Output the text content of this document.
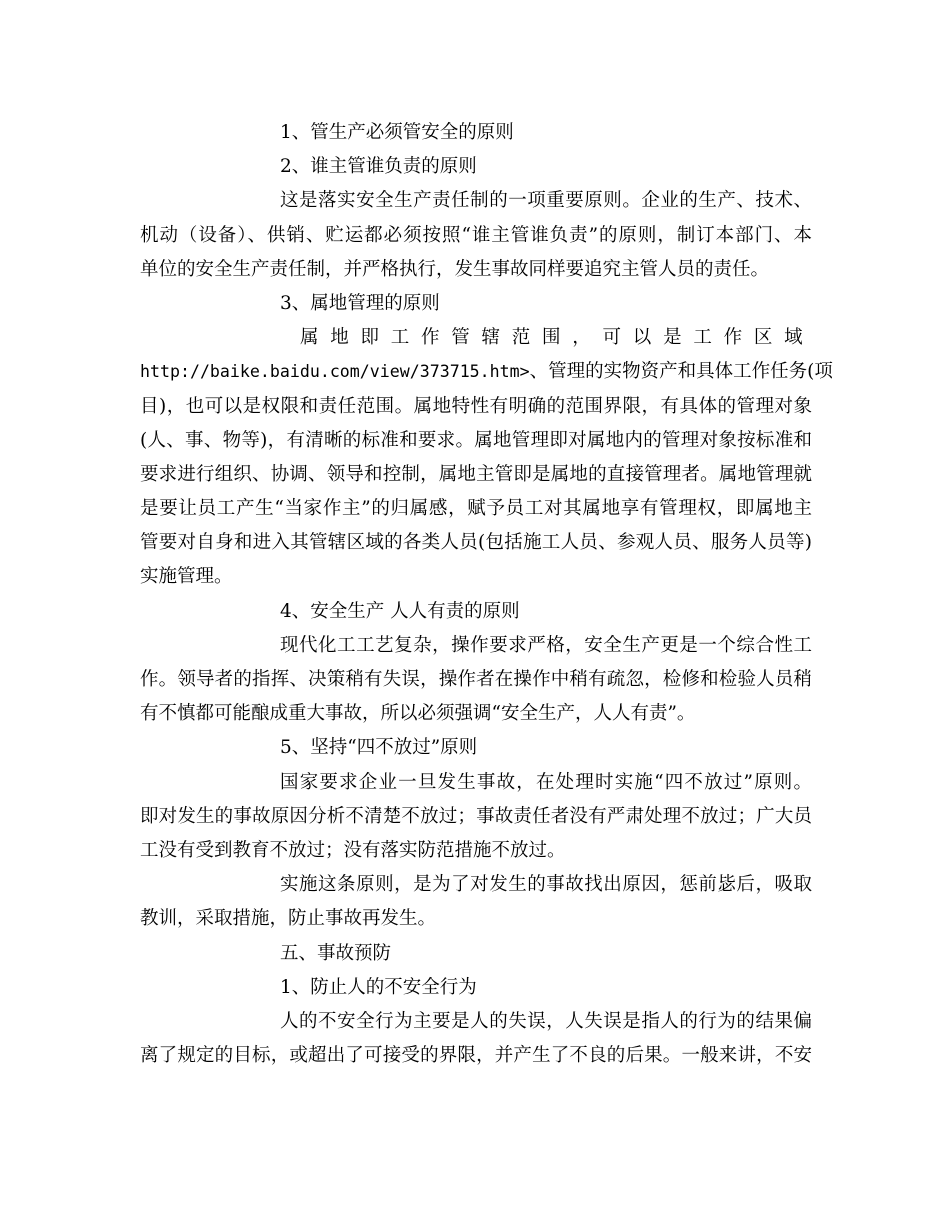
1、管生产必须管安全的原则
2、谁主管谁负责的原则
这是落实安全生产责任制的一项重要原则。企业的生产、技术、
机动（设备）、供销、贮运都必须按照“谁主管谁负责”的原则，制订本部门、本
单位的安全生产责任制，并严格执行，发生事故同样要追究主管人员的责任。
3、属地管理的原则
属地即工作管辖范围，可以是工作区域
http://baike.baidu.com/view/373715.htm>、管理的实物资产和具体工作任务(项
目)，也可以是权限和责任范围。属地特性有明确的范围界限，有具体的管理对象
(人、事、物等)，有清晰的标准和要求。属地管理即对属地内的管理对象按标准和
要求进行组织、协调、领导和控制，属地主管即是属地的直接管理者。属地管理就
是要让员工产生“当家作主”的归属感，赋予员工对其属地享有管理权，即属地主
管要对自身和进入其管辖区域的各类人员(包括施工人员、参观人员、服务人员等)
实施管理。
4、安全生产 人人有责的原则
现代化工工艺复杂，操作要求严格，安全生产更是一个综合性工
作。领导者的指挥、决策稍有失误，操作者在操作中稍有疏忽，检修和检验人员稍
有不慎都可能酿成重大事故，所以必须强调“安全生产，人人有责”。
5、坚持“四不放过”原则
国家要求企业一旦发生事故，在处理时实施“四不放过”原则。
即对发生的事故原因分析不清楚不放过；事故责任者没有严肃处理不放过；广大员
工没有受到教育不放过；没有落实防范措施不放过。
实施这条原则，是为了对发生的事故找出原因，惩前毖后，吸取
教训，采取措施，防止事故再发生。
五、事故预防
1、防止人的不安全行为
人的不安全行为主要是人的失误，人失误是指人的行为的结果偏
离了规定的目标，或超出了可接受的界限，并产生了不良的后果。一般来讲，不安
